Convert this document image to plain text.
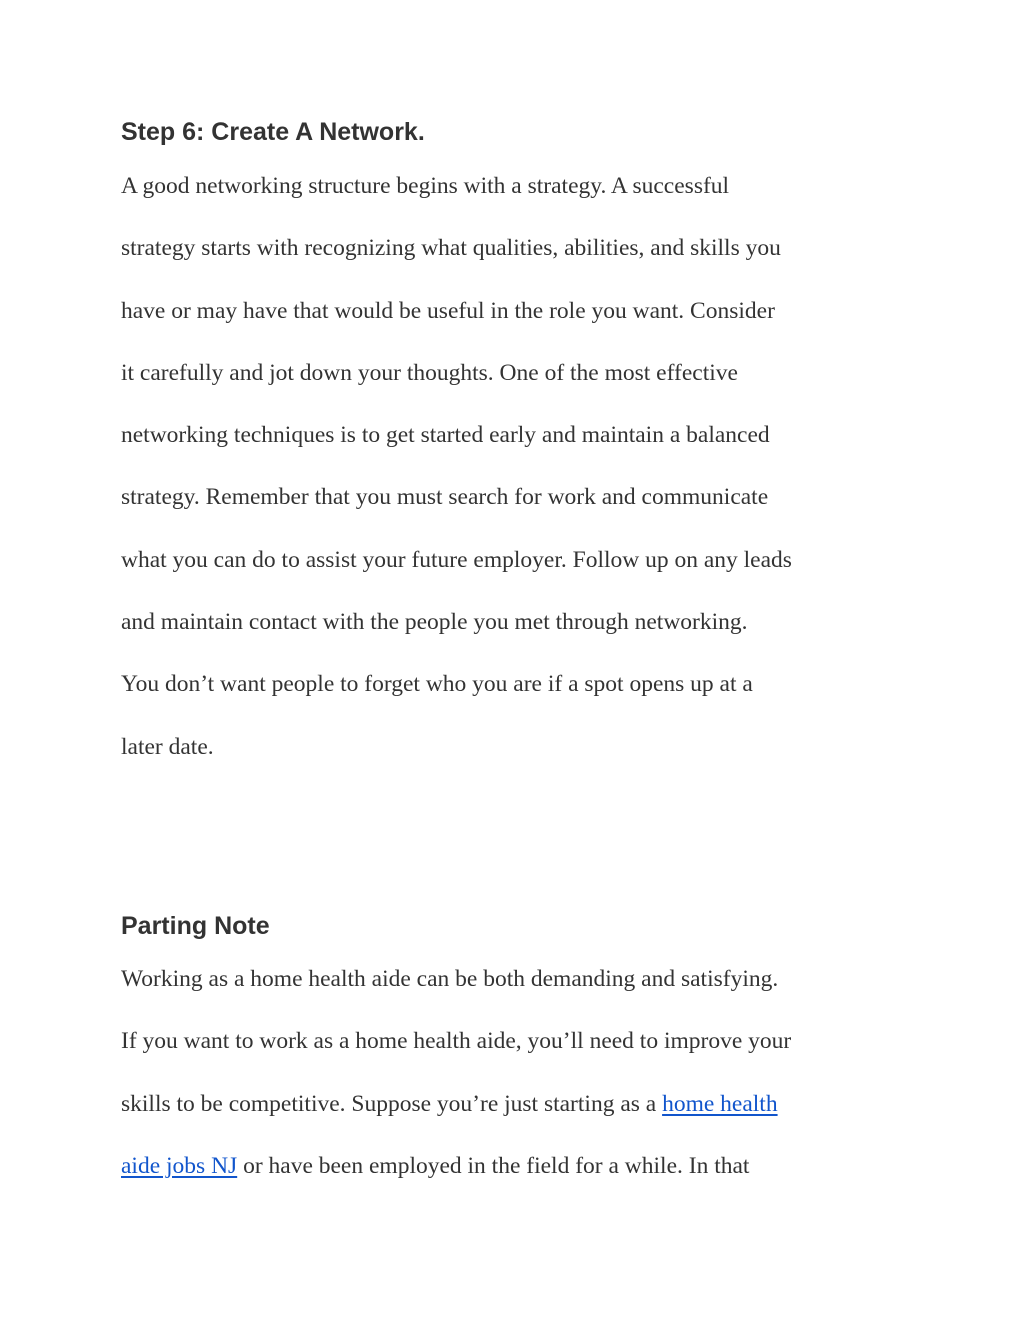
Step 6: Create A Network.
A good networking structure begins with a strategy. A successful
strategy starts with recognizing what qualities, abilities, and skills you
have or may have that would be useful in the role you want. Consider
it carefully and jot down your thoughts. One of the most effective
networking techniques is to get started early and maintain a balanced
strategy. Remember that you must search for work and communicate
what you can do to assist your future employer. Follow up on any leads
and maintain contact with the people you met through networking.
You don’t want people to forget who you are if a spot opens up at a
later date.
Parting Note
Working as a home health aide can be both demanding and satisfying.
If you want to work as a home health aide, you’ll need to improve your
skills to be competitive. Suppose you’re just starting as a home health
aide jobs NJ or have been employed in the field for a while. In that
